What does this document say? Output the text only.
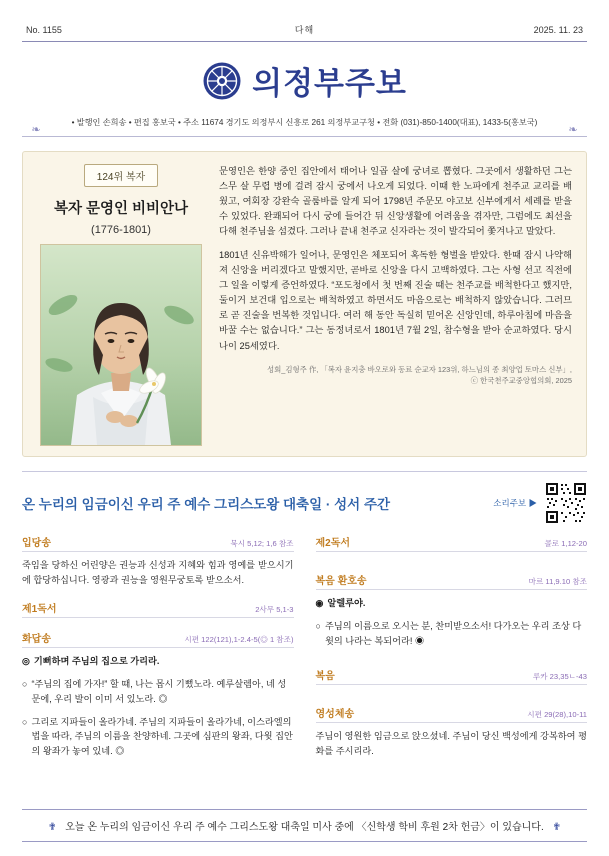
No. 1155	다해	2025. 11. 23
의정부주보
❧
• 발행인 손희송 • 편집 홍보국 • 주소 11674 경기도 의정부시 신흥로 261 의정부교구청 • 전화 (031)-850-1400(대표), 1433-5(홍보국)
❧
124위 복자
복자 문영인 비비안나
(1776-1801)

문영인은 한양 중인 집안에서 태어나 일곱 살에 궁녀로 뽑혔다. 그곳에서 생활하던 그는 스무 살 무렵 병에 걸려 잠시 궁에서 나오게 되었다. 이때 한 노파에게 천주교 교리를 배웠고, 여회장 강완숙 골룸바를 알게 되어 1798년 주문모 야고보 신부에게서 세례를 받을 수 있었다. 완쾌되어 다시 궁에 들어간 뒤 신앙생활에 어려움을 겪자만, 그럼에도 최선을 다해 천주님을 섬겼다. 그러나 끝내 천주교 신자라는 것이 발각되어 쫓겨나고 말았다.

1801년 신유박해가 일어나, 문영인은 체포되어 혹독한 형벌을 받았다. 한때 잠시 나약해져 신앙을 버리겠다고 말했지만, 곧바로 신앙을 다시 고백하였다. 그는 사형 선고 직전에 그 일을 이렇게 증언하였다. “포도청에서 첫 번째 진술 때는 천주교를 배척한다고 했지만, 둘이거 보건대 입으로는 배척하였고 하면서도 마음으로는 배척하지 않았습니다. 그러므로 곧 진술을 번복한 것입니다. 여러 해 동안 독실히 믿어온 신앙인데, 하루아침에 마음을 바꿀 수는 없습니다.” 그는 동정녀로서 1801년 7월 2일, 참수형을 받아 순교하였다. 당시 나이 25세였다.

성회_김형주 作, 「복자 윤지충 바오로와 동료 순교자 123위, 하느님의 종 최양업 토마스 신부」,
ⓒ 한국천주교중앙협의회, 2025
온 누리의 임금이신 우리 주 예수 그리스도왕 대축일 · 성서 주간	소리주보 ▶
입당송	묵시 5,12; 1,6 참조

죽임을 당하신 어린양은 권능과 신성과 지혜와 힘과 영예를 받으시기에 합당하십니다. 영광과 권능을 영원무궁토록 받으소서.

제1독서	2사무 5,1-3
화답송	시편 122(121),1-2.4-5(◎ 1 참조)
◎ 기뻐하며 주님의 집으로 가리라.
○ “주님의 집에 가자!” 할 때, 나는 몹시 기뻤노라. 예루살렘아, 네 성문에, 우리 발이 이미 서 있노라. ◎
○ 그리로 지파들이 올라가네. 주님의 지파들이 올라가네, 이스라엘의 법을 따라, 주님의 이름을 찬양하네. 그곳에 심판의 왕좌, 다윗 집안의 왕좌가 놓여 있네. ◎
제2독서	콜로 1,12-20
복음 환호송	마르 11,9.10 참조
◉ 알렐루야.
○ 주님의 이름으로 오시는 분, 찬미받으소서! 다가오는 우리 조상 다윗의 나라는 복되어라! ◉
복음	루카 23,35ㄴ-43
영성체송	시편 29(28),10-11

주님이 영원한 임금으로 앉으셨네. 주님이 당신 백성에게 강복하여 평화를 주시리라.

✟ 오늘 온 누리의 임금이신 우리 주 예수 그리스도왕 대축일 미사 중에 〈신학생 학비 후원 2차 헌금〉이 있습니다. ✟
